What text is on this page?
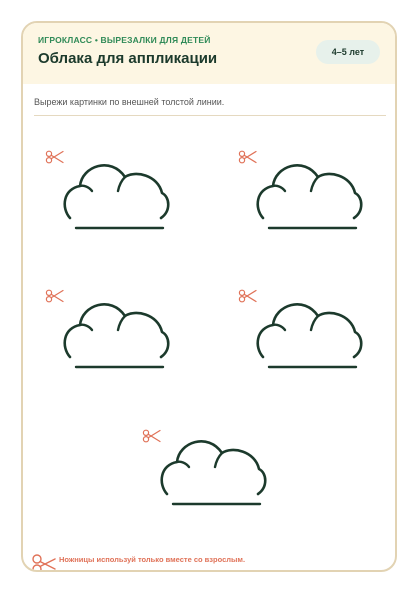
ИГРОКЛАСС • ВЫРЕЗАЛКИ ДЛЯ ДЕТЕЙ
Облака для аппликации	4–5 лет
Вырежи картинки по внешней толстой линии.
Ножницы используй только вместе со взрослым.
